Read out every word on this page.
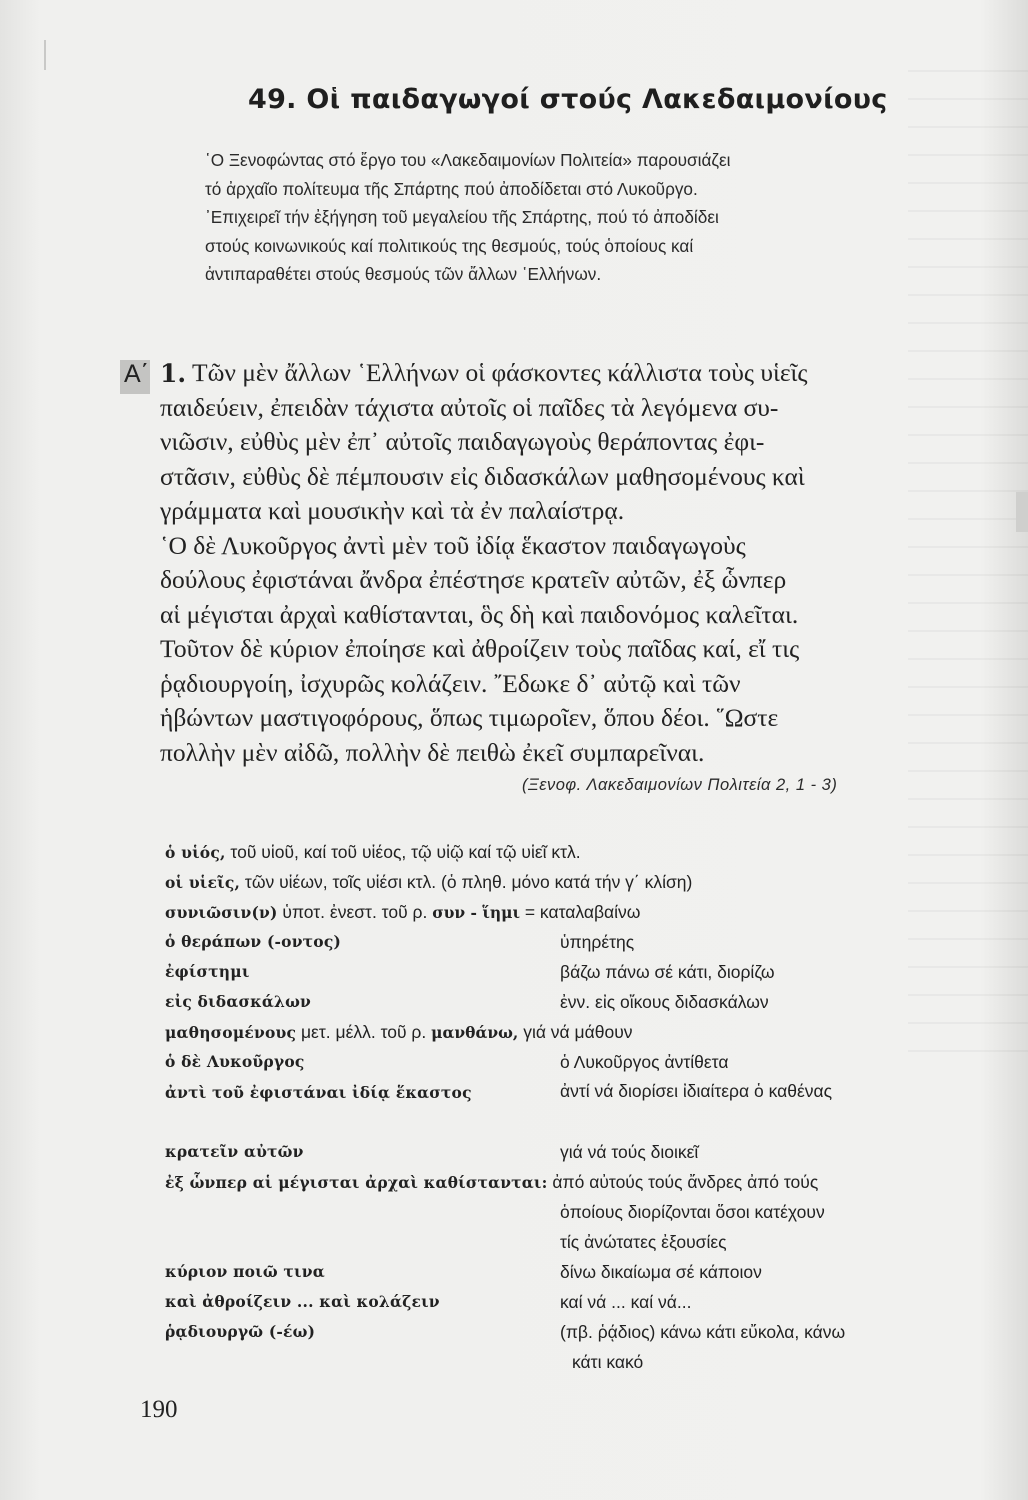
49. Οἱ παιδαγωγοί στούς Λακεδαιμονίους

῾Ο Ξενοφώντας στό ἔργο του «Λακεδαιμονίων Πολιτεία» παρουσιάζει

τό ἀρχαῖο πολίτευμα τῆς Σπάρτης πού ἀποδίδεται στό Λυκοῦργο.

᾿Επιχειρεῖ τήν ἐξήγηση τοῦ μεγαλείου τῆς Σπάρτης, πού τό ἀποδίδει

στούς κοινωνικούς καί πολιτικούς της θεσμούς, τούς ὁποίους καί

ἀντιπαραθέτει στούς θεσμούς τῶν ἄλλων ῾Ελλήνων.

Α΄ 1. Τῶν μὲν ἄλλων ῾Ελλήνων οἱ φάσκοντες κάλλιστα τοὺς υἱεῖς

παιδεύειν, ἐπειδὰν τάχιστα αὐτοῖς οἱ παῖδες τὰ λεγόμενα συ-

νιῶσιν, εὐθὺς μὲν ἐπ᾿ αὐτοῖς παιδαγωγοὺς θεράποντας ἐφι-

στᾶσιν, εὐθὺς δὲ πέμπουσιν εἰς διδασκάλων μαθησομένους καὶ

γράμματα καὶ μουσικὴν καὶ τὰ ἐν παλαίστρᾳ.

῾Ο δὲ Λυκοῦργος ἀντὶ μὲν τοῦ ἰδίᾳ ἕκαστον παιδαγωγοὺς

δούλους ἐφιστάναι ἄνδρα ἐπέστησε κρατεῖν αὐτῶν, ἐξ ὧνπερ

αἱ μέγισται ἀρχαὶ καθίστανται, ὃς δὴ καὶ παιδονόμος καλεῖται.

Τοῦτον δὲ κύριον ἐποίησε καὶ ἀθροίζειν τοὺς παῖδας καί, εἴ τις

ῥᾳδιουργοίη, ἰσχυρῶς κολάζειν. ῎Εδωκε δ᾿ αὐτῷ καὶ τῶν

ἡβώντων μαστιγοφόρους, ὅπως τιμωροῖεν, ὅπου δέοι. ῞Ωστε

πολλὴν μὲν αἰδῶ, πολλὴν δὲ πειθὼ ἐκεῖ συμπαρεῖναι.

(Ξενοφ. Λακεδαιμονίων Πολιτεία 2, 1 - 3)
ὁ υἱός, τοῦ υἱοῦ, καί τοῦ υἱέος, τῷ υἱῷ καί τῷ υἱεῖ κτλ.
οἱ υἱεῖς, τῶν υἱέων, τοῖς υἱέσι κτλ. (ὁ πληθ. μόνο κατά τήν γ΄ κλίση)
συνιῶσιν(ν) ὑποτ. ἐνεστ. τοῦ ρ. συν - ἵημι = καταλαβαίνω
ὁ θεράπων (-οντος)	ὑπηρέτης
ἐφίστημι	βάζω πάνω σέ κάτι, διορίζω
εἰς διδασκάλων	ἐνν. εἰς οἴκους διδασκάλων
μαθησομένους μετ. μέλλ. τοῦ ρ. μανθάνω, γιά νά μάθουν
ὁ δὲ Λυκοῦργος	ὁ Λυκοῦργος ἀντίθετα
ἀντὶ τοῦ ἐφιστάναι ἰδίᾳ ἕκαστος	ἀντί νά διορίσει ἰδιαίτερα ὁ καθένας
κρατεῖν αὐτῶν	γιά νά τούς διοικεῖ
ἐξ ὧνπερ αἱ μέγισται ἀρχαὶ καθίστανται: ἀπό αὐτούς τούς ἄνδρες ἀπό τούς
ὁποίους διορίζονται ὅσοι κατέχουν
τίς ἀνώτατες ἐξουσίες
κύριον ποιῶ τινα	δίνω δικαίωμα σέ κάποιον
καὶ ἀθροίζειν ... καὶ κολάζειν	καί νά ... καί νά...
ῥᾳδιουργῶ (-έω)	(πβ. ῥᾴδιος) κάνω κάτι εὔκολα, κάνω
κάτι κακό
190
